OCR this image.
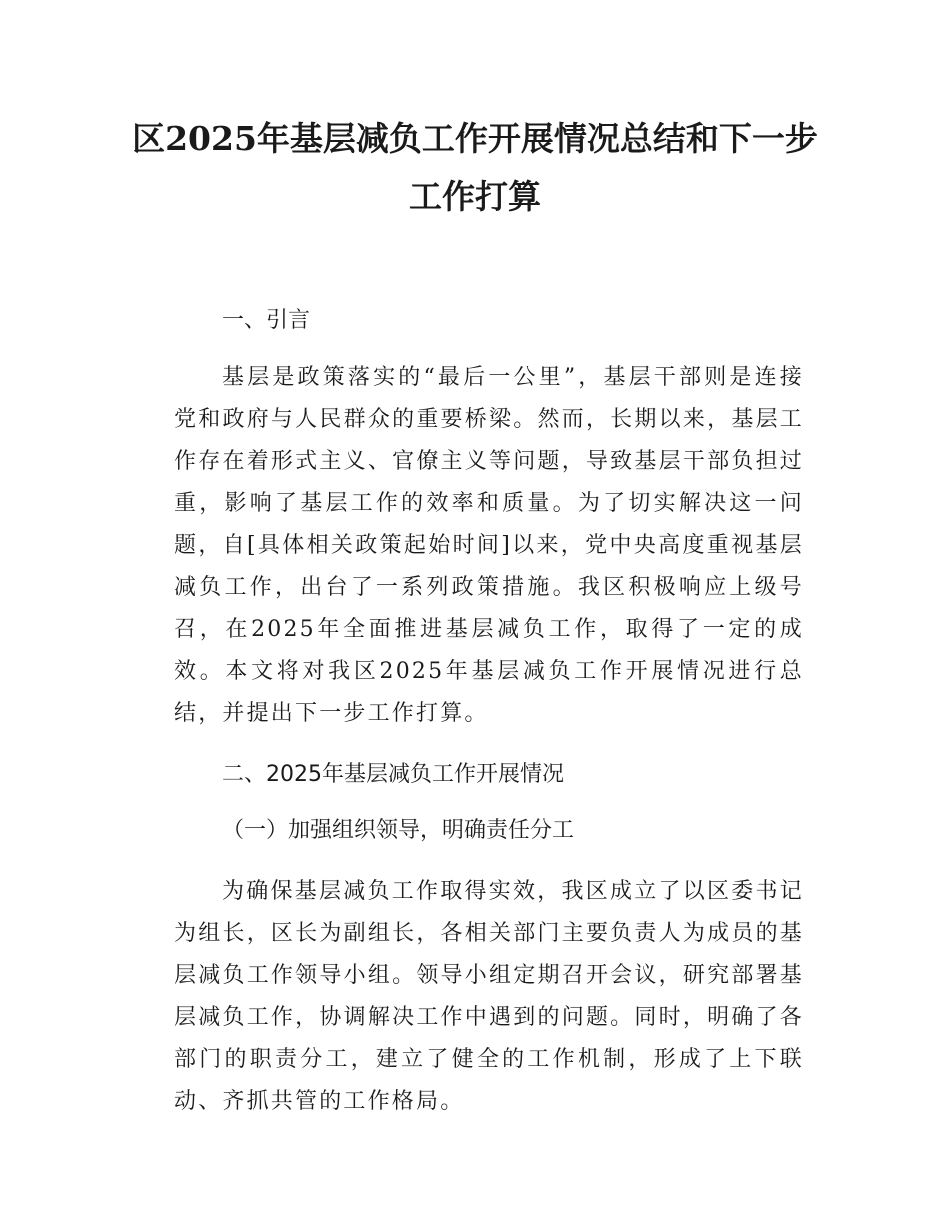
区2025年基层减负工作开展情况总结和下一步工作打算
一、引言
基层是政策落实的“最后一公里”，基层干部则是连接党和政府与人民群众的重要桥梁。然而，长期以来，基层工作存在着形式主义、官僚主义等问题，导致基层干部负担过重，影响了基层工作的效率和质量。为了切实解决这一问题，自[具体相关政策起始时间]以来，党中央高度重视基层减负工作，出台了一系列政策措施。我区积极响应上级号召，在2025年全面推进基层减负工作，取得了一定的成效。本文将对我区2025年基层减负工作开展情况进行总结，并提出下一步工作打算。
二、2025年基层减负工作开展情况
（一）加强组织领导，明确责任分工
为确保基层减负工作取得实效，我区成立了以区委书记为组长，区长为副组长，各相关部门主要负责人为成员的基层减负工作领导小组。领导小组定期召开会议，研究部署基层减负工作，协调解决工作中遇到的问题。同时，明确了各部门的职责分工，建立了健全的工作机制，形成了上下联动、齐抓共管的工作格局。
